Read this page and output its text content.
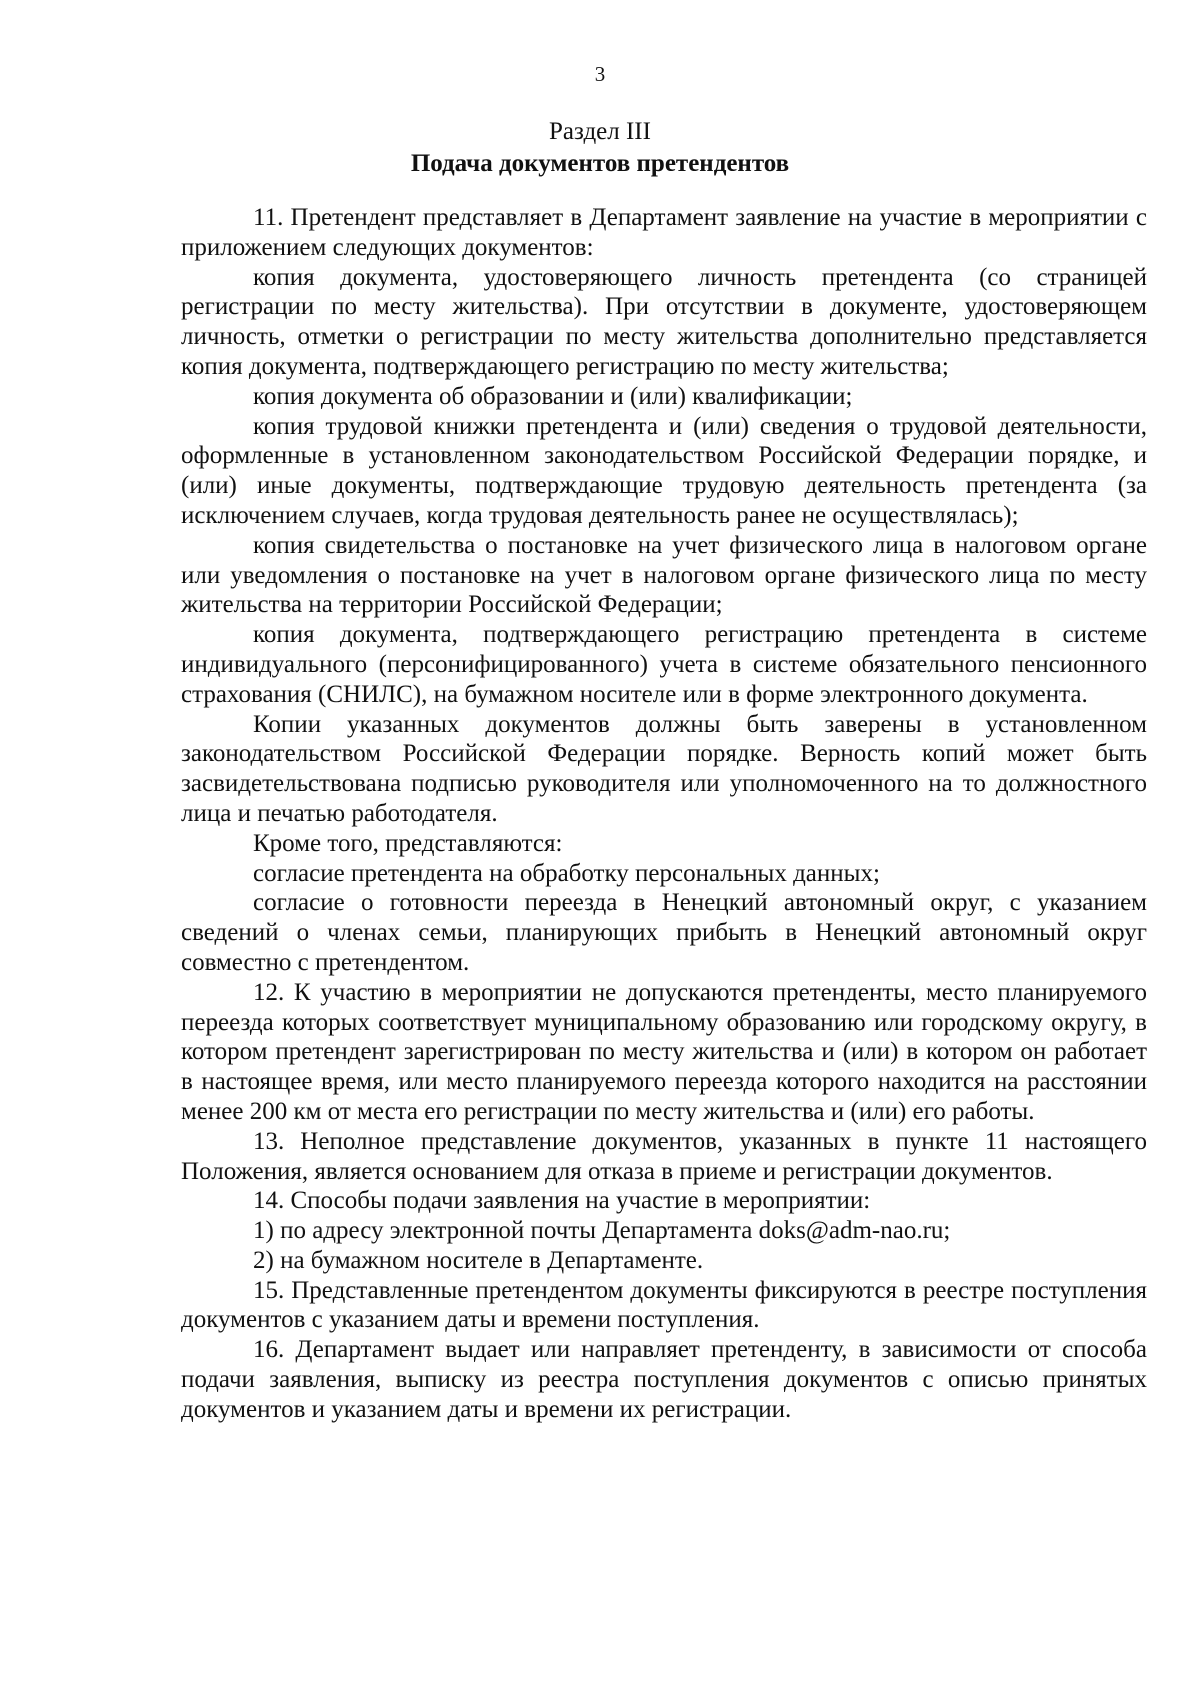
3
Раздел III
Подача документов претендентов

11. Претендент представляет в Департамент заявление на участие в мероприятии с приложением следующих документов:

копия документа, удостоверяющего личность претендента (со страницей регистрации по месту жительства). При отсутствии в документе, удостоверяющем личность, отметки о регистрации по месту жительства дополнительно представляется копия документа, подтверждающего регистрацию по месту жительства;

копия документа об образовании и (или) квалификации;

копия трудовой книжки претендента и (или) сведения о трудовой деятельности, оформленные в установленном законодательством Российской Федерации порядке, и (или) иные документы, подтверждающие трудовую деятельность претендента (за исключением случаев, когда трудовая деятельность ранее не осуществлялась);

копия свидетельства о постановке на учет физического лица в налоговом органе или уведомления о постановке на учет в налоговом органе физического лица по месту жительства на территории Российской Федерации;

копия документа, подтверждающего регистрацию претендента в системе индивидуального (персонифицированного) учета в системе обязательного пенсионного страхования (СНИЛС), на бумажном носителе или в форме электронного документа.

Копии указанных документов должны быть заверены в установленном законодательством Российской Федерации порядке. Верность копий может быть засвидетельствована подписью руководителя или уполномоченного на то должностного лица и печатью работодателя.

Кроме того, представляются:

согласие претендента на обработку персональных данных;

согласие о готовности переезда в Ненецкий автономный округ, с указанием сведений о членах семьи, планирующих прибыть в Ненецкий автономный округ совместно с претендентом.

12. К участию в мероприятии не допускаются претенденты, место планируемого переезда которых соответствует муниципальному образованию или городскому округу, в котором претендент зарегистрирован по месту жительства и (или) в котором он работает в настоящее время, или место планируемого переезда которого находится на расстоянии менее 200 км от места его регистрации по месту жительства и (или) его работы.

13. Неполное представление документов, указанных в пункте 11 настоящего Положения, является основанием для отказа в приеме и регистрации документов.

14. Способы подачи заявления на участие в мероприятии:

1) по адресу электронной почты Департамента doks@adm-nao.ru;

2) на бумажном носителе в Департаменте.

15. Представленные претендентом документы фиксируются в реестре поступления документов с указанием даты и времени поступления.

16. Департамент выдает или направляет претенденту, в зависимости от способа подачи заявления, выписку из реестра поступления документов с описью принятых документов и указанием даты и времени их регистрации.
